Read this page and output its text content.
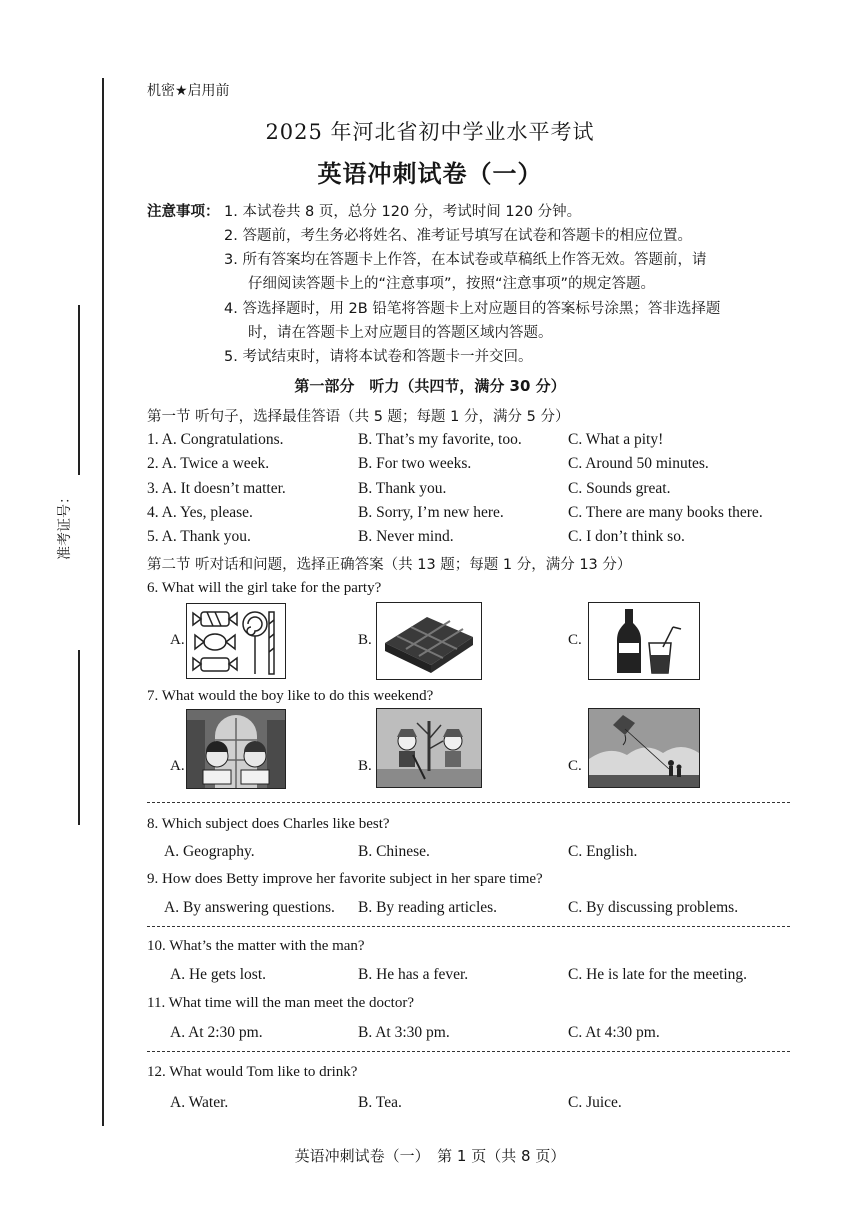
准考证号：
机密★启用前
2025 年河北省初中学业水平考试
英语冲刺试卷（一）
注意事项： 1. 本试卷共 8 页，总分 120 分，考试时间 120 分钟。
2. 答题前，考生务必将姓名、准考证号填写在试卷和答题卡的相应位置。
3. 所有答案均在答题卡上作答，在本试卷或草稿纸上作答无效。答题前，请
仔细阅读答题卡上的“注意事项”，按照“注意事项”的规定答题。
4. 答选择题时，用 2B 铅笔将答题卡上对应题目的答案标号涂黑；答非选择题
时，请在答题卡上对应题目的答题区域内答题。
5. 考试结束时，请将本试卷和答题卡一并交回。
第一部分　听力（共四节，满分 30 分）
第一节 听句子，选择最佳答语（共 5 题；每题 1 分，满分 5 分）
1. A. Congratulations.	B. That’s my favorite, too.	C. What a pity!
2. A. Twice a week.	B. For two weeks.	C. Around 50 minutes.
3. A. It doesn’t matter.	B. Thank you.	C. Sounds great.
4. A. Yes, please.	B. Sorry, I’m new here.	C. There are many books there.
5. A. Thank you.	B. Never mind.	C. I don’t think so.
第二节 听对话和问题，选择正确答案（共 13 题；每题 1 分，满分 13 分）
6. What will the girl take for the party?
A.	B.	C.
7. What would the boy like to do this weekend?
A.	B.	C.
8. Which subject does Charles like best?
A. Geography.	B. Chinese.	C. English.
9. How does Betty improve her favorite subject in her spare time?
A. By answering questions. B. By reading articles.	C. By discussing problems.
10. What’s the matter with the man?
A. He gets lost.	B. He has a fever.	C. He is late for the meeting.
11. What time will the man meet the doctor?
A. At 2:30 pm.	B. At 3:30 pm.	C. At 4:30 pm.
12. What would Tom like to drink?
A. Water.	B. Tea.	C. Juice.
英语冲刺试卷（一）　第 1 页（共 8 页）
